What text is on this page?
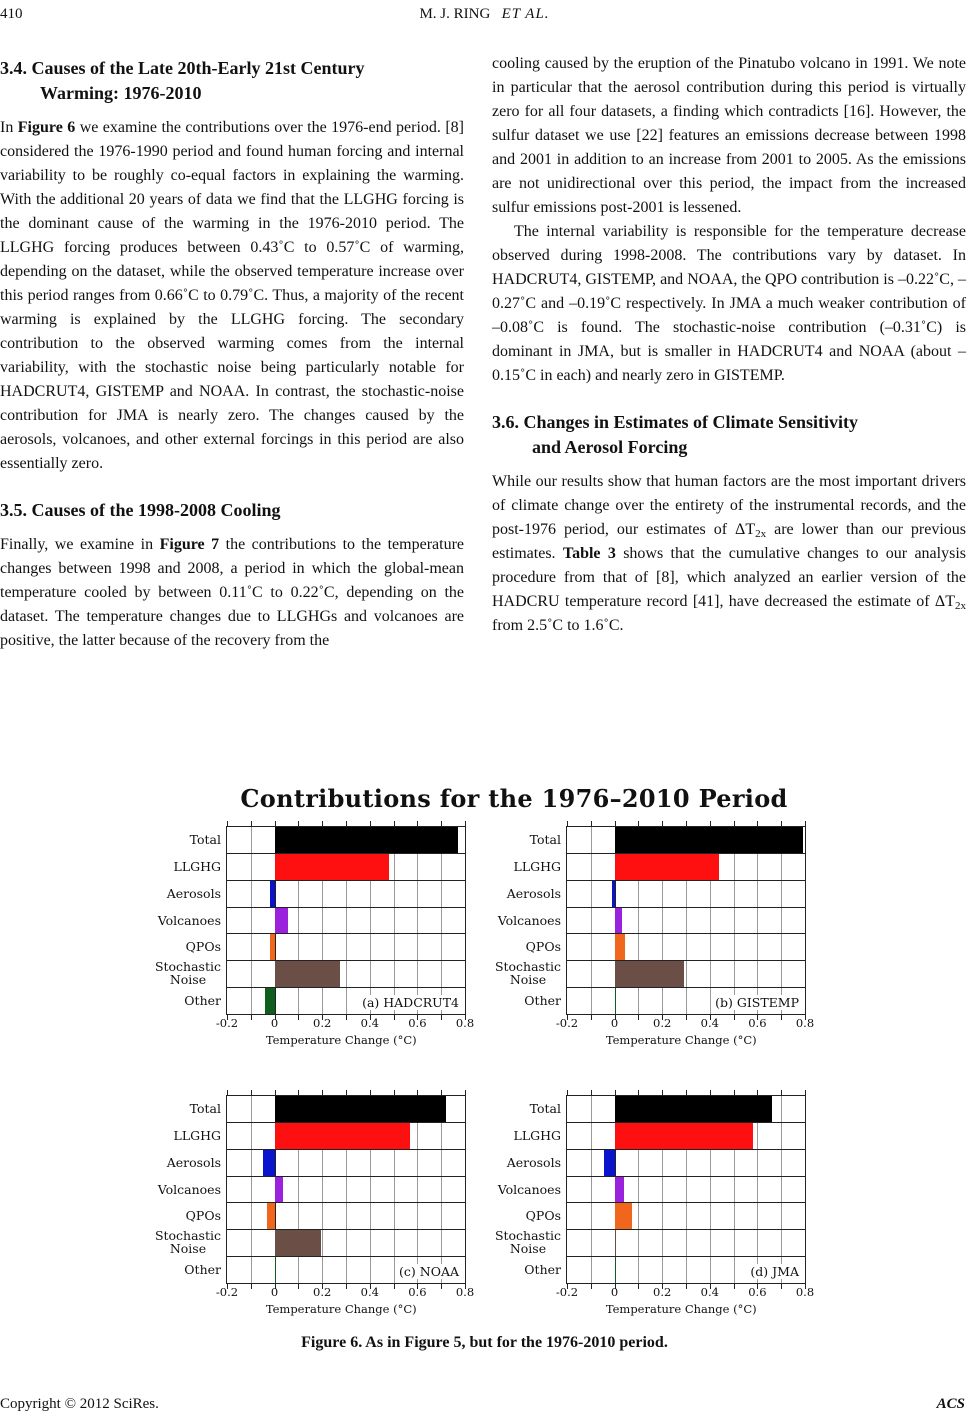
410	M. J. RING ET AL.
3.4. Causes of the Late 20th-Early 21st Century
Warming: 1976-2010

In Figure 6 we examine the contributions over the 1976-end period. [8] considered the 1976-1990 period and found human forcing and internal variability to be roughly co-equal factors in explaining the warming. With the additional 20 years of data we find that the LLGHG forcing is the dominant cause of the warming in the 1976-2010 period. The LLGHG forcing produces between 0.43˚C to 0.57˚C of warming, depending on the dataset, while the observed temperature increase over this period ranges from 0.66˚C to 0.79˚C. Thus, a majority of the recent warming is explained by the LLGHG forcing. The secondary contribution to the observed warming comes from the internal variability, with the stochastic noise being particularly notable for HADCRUT4, GISTEMP and NOAA. In contrast, the stochastic-noise contribution for JMA is nearly zero. The changes caused by the aerosols, volcanoes, and other external forcings in this period are also essentially zero.

3.5. Causes of the 1998-2008 Cooling

Finally, we examine in Figure 7 the contributions to the temperature changes between 1998 and 2008, a period in which the global-mean temperature cooled by between 0.11˚C to 0.22˚C, depending on the dataset. The temperature changes due to LLGHGs and volcanoes are positive, the latter because of the recovery from the

cooling caused by the eruption of the Pinatubo volcano in 1991. We note in particular that the aerosol contribution during this period is virtually zero for all four datasets, a finding which contradicts [16]. However, the sulfur dataset we use [22] features an emissions decrease between 1998 and 2001 in addition to an increase from 2001 to 2005. As the emissions are not unidirectional over this period, the impact from the increased sulfur emissions post-2001 is lessened.

The internal variability is responsible for the temperature decrease observed during 1998-2008. The contributions vary by dataset. In HADCRUT4, GISTEMP, and NOAA, the QPO contribution is –0.22˚C, –0.27˚C and –0.19˚C respectively. In JMA a much weaker contribution of –0.08˚C is found. The stochastic-noise contribution (–0.31˚C) is dominant in JMA, but is smaller in HADCRUT4 and NOAA (about –0.15˚C in each) and nearly zero in GISTEMP.

3.6. Changes in Estimates of Climate Sensitivity
and Aerosol Forcing

While our results show that human factors are the most important drivers of climate change over the entirety of the instrumental records, and the post-1976 period, our estimates of $\Delta T_{2x}$ are lower than our previous estimates. Table 3 shows that the cumulative changes to our analysis procedure from that of [8], which analyzed an earlier version of the HADCRU temperature record [41], have decreased the estimate of $\Delta T_{2x}$ from 2.5˚C to 1.6˚C.

Contributions for the 1976–2010 Period
Total
LLGHG
Aerosols
Volcanoes
QPOs
Stochastic
Noise
Other
-0.2	0	0.2	0.4	0.6	0.8
Temperature Change (°C)
(a) HADCRUT4
Total
LLGHG
Aerosols
Volcanoes
QPOs
Stochastic
Noise
Other
-0.2	0	0.2	0.4	0.6	0.8
Temperature Change (°C)
(b) GISTEMP
Total
LLGHG
Aerosols
Volcanoes
QPOs
Stochastic
Noise
Other
-0.2	0	0.2	0.4	0.6	0.8
Temperature Change (°C)
(c) NOAA
Total
LLGHG
Aerosols
Volcanoes
QPOs
Stochastic
Noise
Other
-0.2	0	0.2	0.4	0.6	0.8
Temperature Change (°C)
(d) JMA
Figure 6. As in Figure 5, but for the 1976-2010 period.
Copyright © 2012 SciRes.	ACS
